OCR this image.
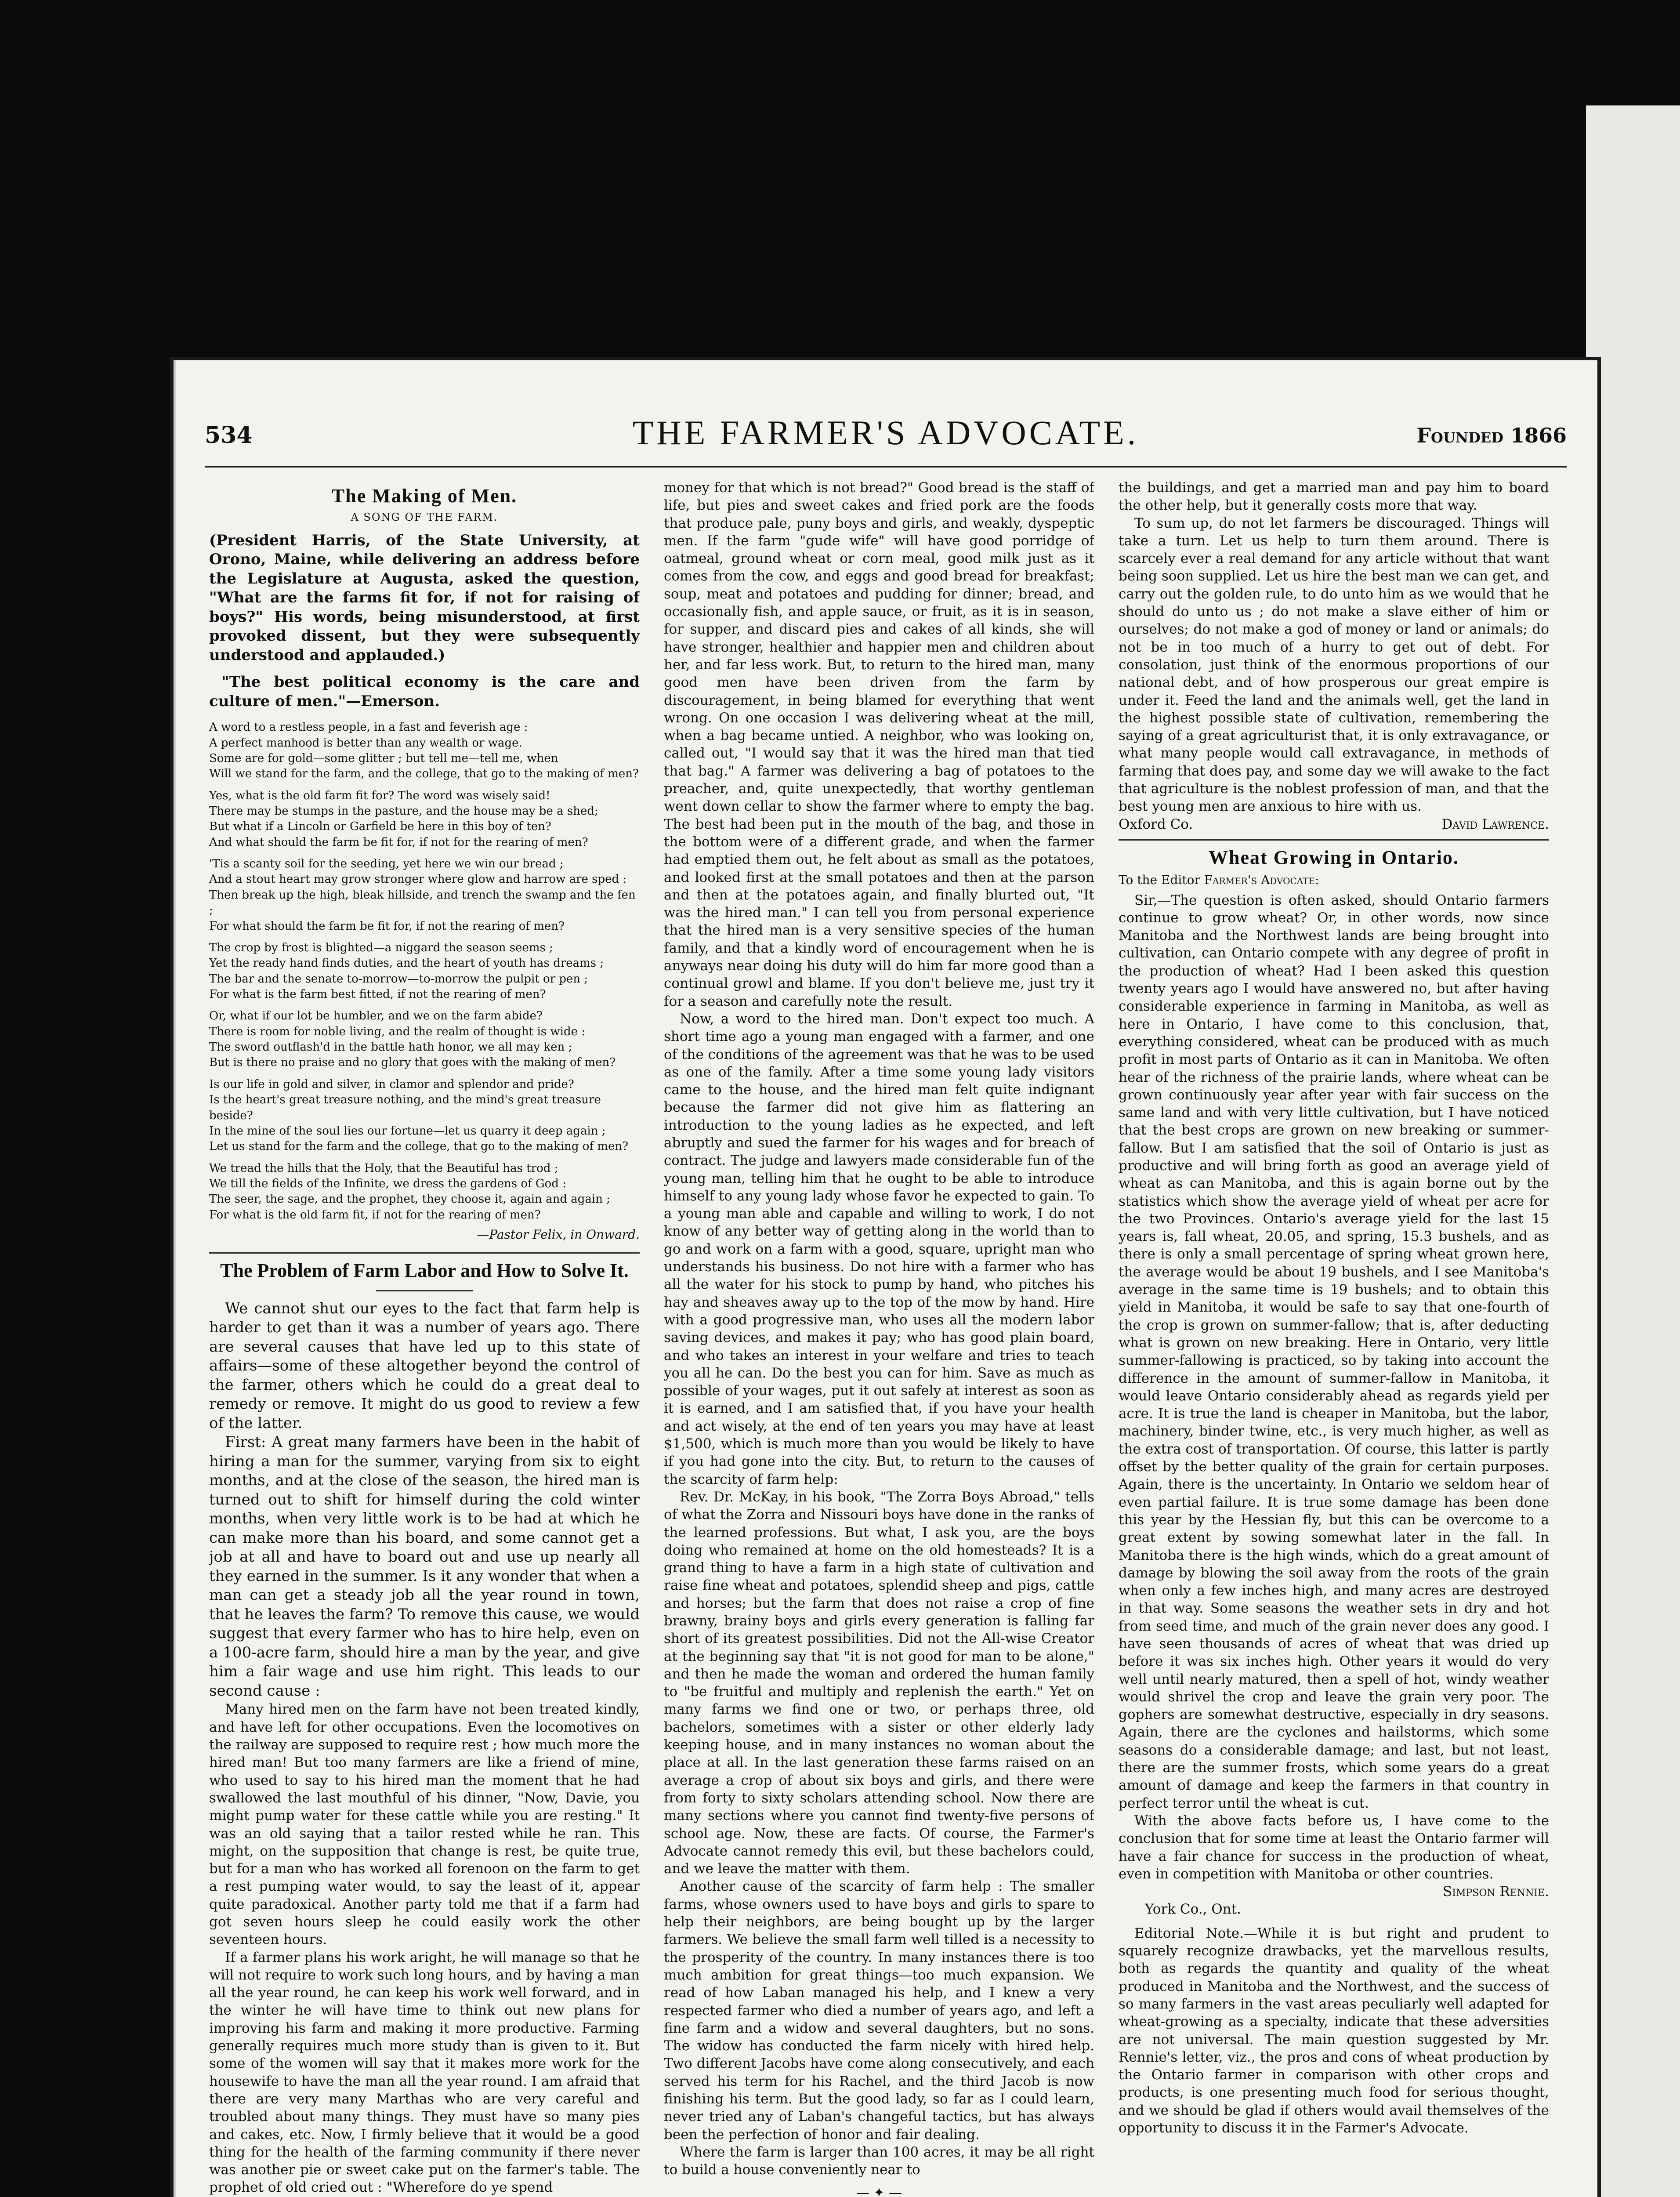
534	THE FARMER'S ADVOCATE.	Founded 1866
The Making of Men.
A SONG OF THE FARM.

(President Harris, of the State University, at Orono, Maine, while delivering an address before the Legislature at Augusta, asked the question, "What are the farms fit for, if not for raising of boys?" His words, being misunderstood, at first provoked dissent, but they were subsequently understood and applauded.)

"The best political economy is the care and culture of men."—Emerson.

A word to a restless people, in a fast and feverish age :

A perfect manhood is better than any wealth or wage.

Some are for gold—some glitter ; but tell me—tell me, when

Will we stand for the farm, and the college, that go to the making of men?

Yes, what is the old farm fit for? The word was wisely said!

There may be stumps in the pasture, and the house may be a shed;

But what if a Lincoln or Garfield be here in this boy of ten?

And what should the farm be fit for, if not for the rearing of men?

'Tis a scanty soil for the seeding, yet here we win our bread ;

And a stout heart may grow stronger where glow and harrow are sped :

Then break up the high, bleak hillside, and trench the swamp and the fen ;

For what should the farm be fit for, if not the rearing of men?

The crop by frost is blighted—a niggard the season seems ;

Yet the ready hand finds duties, and the heart of youth has dreams ;

The bar and the senate to-morrow—to-morrow the pulpit or pen ;

For what is the farm best fitted, if not the rearing of men?

Or, what if our lot be humbler, and we on the farm abide?

There is room for noble living, and the realm of thought is wide :

The sword outflash'd in the battle hath honor, we all may ken ;

But is there no praise and no glory that goes with the making of men?

Is our life in gold and silver, in clamor and splendor and pride?

Is the heart's great treasure nothing, and the mind's great treasure beside?

In the mine of the soul lies our fortune—let us quarry it deep again ;

Let us stand for the farm and the college, that go to the making of men?

We tread the hills that the Holy, that the Beautiful has trod ;

We till the fields of the Infinite, we dress the gardens of God :

The seer, the sage, and the prophet, they choose it, again and again ;

For what is the old farm fit, if not for the rearing of men?

—Pastor Felix, in Onward.
The Problem of Farm Labor and How to Solve It.

We cannot shut our eyes to the fact that farm help is harder to get than it was a number of years ago. There are several causes that have led up to this state of affairs—some of these altogether beyond the control of the farmer, others which he could do a great deal to remedy or remove. It might do us good to review a few of the latter.

First: A great many farmers have been in the habit of hiring a man for the summer, varying from six to eight months, and at the close of the season, the hired man is turned out to shift for himself during the cold winter months, when very little work is to be had at which he can make more than his board, and some cannot get a job at all and have to board out and use up nearly all they earned in the summer. Is it any wonder that when a man can get a steady job all the year round in town, that he leaves the farm? To remove this cause, we would suggest that every farmer who has to hire help, even on a 100-acre farm, should hire a man by the year, and give him a fair wage and use him right. This leads to our second cause :

Many hired men on the farm have not been treated kindly, and have left for other occupations. Even the locomotives on the railway are supposed to require rest ; how much more the hired man! But too many farmers are like a friend of mine, who used to say to his hired man the moment that he had swallowed the last mouthful of his dinner, "Now, Davie, you might pump water for these cattle while you are resting." It was an old saying that a tailor rested while he ran. This might, on the supposition that change is rest, be quite true, but for a man who has worked all forenoon on the farm to get a rest pumping water would, to say the least of it, appear quite paradoxical. Another party told me that if a farm had got seven hours sleep he could easily work the other seventeen hours.

If a farmer plans his work aright, he will manage so that he will not require to work such long hours, and by having a man all the year round, he can keep his work well forward, and in the winter he will have time to think out new plans for improving his farm and making it more productive. Farming generally requires much more study than is given to it. But some of the women will say that it makes more work for the housewife to have the man all the year round. I am afraid that there are very many Marthas who are very careful and troubled about many things. They must have so many pies and cakes, etc. Now, I firmly believe that it would be a good thing for the health of the farming community if there never was another pie or sweet cake put on the farmer's table. The prophet of old cried out : "Wherefore do ye spend

money for that which is not bread?" Good bread is the staff of life, but pies and sweet cakes and fried pork are the foods that produce pale, puny boys and girls, and weakly, dyspeptic men. If the farm "gude wife" will have good porridge of oatmeal, ground wheat or corn meal, good milk just as it comes from the cow, and eggs and good bread for breakfast; soup, meat and potatoes and pudding for dinner; bread, and occasionally fish, and apple sauce, or fruit, as it is in season, for supper, and discard pies and cakes of all kinds, she will have stronger, healthier and happier men and children about her, and far less work. But, to return to the hired man, many good men have been driven from the farm by discouragement, in being blamed for everything that went wrong. On one occasion I was delivering wheat at the mill, when a bag became untied. A neighbor, who was looking on, called out, "I would say that it was the hired man that tied that bag." A farmer was delivering a bag of potatoes to the preacher, and, quite unexpectedly, that worthy gentleman went down cellar to show the farmer where to empty the bag. The best had been put in the mouth of the bag, and those in the bottom were of a different grade, and when the farmer had emptied them out, he felt about as small as the potatoes, and looked first at the small potatoes and then at the parson and then at the potatoes again, and finally blurted out, "It was the hired man." I can tell you from personal experience that the hired man is a very sensitive species of the human family, and that a kindly word of encouragement when he is anyways near doing his duty will do him far more good than a continual growl and blame. If you don't believe me, just try it for a season and carefully note the result.

Now, a word to the hired man. Don't expect too much. A short time ago a young man engaged with a farmer, and one of the conditions of the agreement was that he was to be used as one of the family. After a time some young lady visitors came to the house, and the hired man felt quite indignant because the farmer did not give him as flattering an introduction to the young ladies as he expected, and left abruptly and sued the farmer for his wages and for breach of contract. The judge and lawyers made considerable fun of the young man, telling him that he ought to be able to introduce himself to any young lady whose favor he expected to gain. To a young man able and capable and willing to work, I do not know of any better way of getting along in the world than to go and work on a farm with a good, square, upright man who understands his business. Do not hire with a farmer who has all the water for his stock to pump by hand, who pitches his hay and sheaves away up to the top of the mow by hand. Hire with a good progressive man, who uses all the modern labor saving devices, and makes it pay; who has good plain board, and who takes an interest in your welfare and tries to teach you all he can. Do the best you can for him. Save as much as possible of your wages, put it out safely at interest as soon as it is earned, and I am satisfied that, if you have your health and act wisely, at the end of ten years you may have at least $1,500, which is much more than you would be likely to have if you had gone into the city. But, to return to the causes of the scarcity of farm help:

Rev. Dr. McKay, in his book, "The Zorra Boys Abroad," tells of what the Zorra and Nissouri boys have done in the ranks of the learned professions. But what, I ask you, are the boys doing who remained at home on the old homesteads? It is a grand thing to have a farm in a high state of cultivation and raise fine wheat and potatoes, splendid sheep and pigs, cattle and horses; but the farm that does not raise a crop of fine brawny, brainy boys and girls every generation is falling far short of its greatest possibilities. Did not the All-wise Creator at the beginning say that "it is not good for man to be alone," and then he made the woman and ordered the human family to "be fruitful and multiply and replenish the earth." Yet on many farms we find one or two, or perhaps three, old bachelors, sometimes with a sister or other elderly lady keeping house, and in many instances no woman about the place at all. In the last generation these farms raised on an average a crop of about six boys and girls, and there were from forty to sixty scholars attending school. Now there are many sections where you cannot find twenty-five persons of school age. Now, these are facts. Of course, the Farmer's Advocate cannot remedy this evil, but these bachelors could, and we leave the matter with them.

Another cause of the scarcity of farm help : The smaller farms, whose owners used to have boys and girls to spare to help their neighbors, are being bought up by the larger farmers. We believe the small farm well tilled is a necessity to the prosperity of the country. In many instances there is too much ambition for great things—too much expansion. We read of how Laban managed his help, and I knew a very respected farmer who died a number of years ago, and left a fine farm and a widow and several daughters, but no sons. The widow has conducted the farm nicely with hired help. Two different Jacobs have come along consecutively, and each served his term for his Rachel, and the third Jacob is now finishing his term. But the good lady, so far as I could learn, never tried any of Laban's changeful tactics, but has always been the perfection of honor and fair dealing.

Where the farm is larger than 100 acres, it may be all right to build a house conveniently near to

— ✦ —

the buildings, and get a married man and pay him to board the other help, but it generally costs more that way.

To sum up, do not let farmers be discouraged. Things will take a turn. Let us help to turn them around. There is scarcely ever a real demand for any article without that want being soon supplied. Let us hire the best man we can get, and carry out the golden rule, to do unto him as we would that he should do unto us ; do not make a slave either of him or ourselves; do not make a god of money or land or animals; do not be in too much of a hurry to get out of debt. For consolation, just think of the enormous proportions of our national debt, and of how prosperous our great empire is under it. Feed the land and the animals well, get the land in the highest possible state of cultivation, remembering the saying of a great agriculturist that, it is only extravagance, or what many people would call extravagance, in methods of farming that does pay, and some day we will awake to the fact that agriculture is the noblest profession of man, and that the best young men are anxious to hire with us.

Oxford Co.	David Lawrence.
Wheat Growing in Ontario.
To the Editor Farmer's Advocate:

Sir,—The question is often asked, should Ontario farmers continue to grow wheat? Or, in other words, now since Manitoba and the Northwest lands are being brought into cultivation, can Ontario compete with any degree of profit in the production of wheat? Had I been asked this question twenty years ago I would have answered no, but after having considerable experience in farming in Manitoba, as well as here in Ontario, I have come to this conclusion, that, everything considered, wheat can be produced with as much profit in most parts of Ontario as it can in Manitoba. We often hear of the richness of the prairie lands, where wheat can be grown continuously year after year with fair success on the same land and with very little cultivation, but I have noticed that the best crops are grown on new breaking or summer-fallow. But I am satisfied that the soil of Ontario is just as productive and will bring forth as good an average yield of wheat as can Manitoba, and this is again borne out by the statistics which show the average yield of wheat per acre for the two Provinces. Ontario's average yield for the last 15 years is, fall wheat, 20.05, and spring, 15.3 bushels, and as there is only a small percentage of spring wheat grown here, the average would be about 19 bushels, and I see Manitoba's average in the same time is 19 bushels; and to obtain this yield in Manitoba, it would be safe to say that one-fourth of the crop is grown on summer-fallow; that is, after deducting what is grown on new breaking. Here in Ontario, very little summer-fallowing is practiced, so by taking into account the difference in the amount of summer-fallow in Manitoba, it would leave Ontario considerably ahead as regards yield per acre. It is true the land is cheaper in Manitoba, but the labor, machinery, binder twine, etc., is very much higher, as well as the extra cost of transportation. Of course, this latter is partly offset by the better quality of the grain for certain purposes. Again, there is the uncertainty. In Ontario we seldom hear of even partial failure. It is true some damage has been done this year by the Hessian fly, but this can be overcome to a great extent by sowing somewhat later in the fall. In Manitoba there is the high winds, which do a great amount of damage by blowing the soil away from the roots of the grain when only a few inches high, and many acres are destroyed in that way. Some seasons the weather sets in dry and hot from seed time, and much of the grain never does any good. I have seen thousands of acres of wheat that was dried up before it was six inches high. Other years it would do very well until nearly matured, then a spell of hot, windy weather would shrivel the crop and leave the grain very poor. The gophers are somewhat destructive, especially in dry seasons. Again, there are the cyclones and hailstorms, which some seasons do a considerable damage; and last, but not least, there are the summer frosts, which some years do a great amount of damage and keep the farmers in that country in perfect terror until the wheat is cut.

With the above facts before us, I have come to the conclusion that for some time at least the Ontario farmer will have a fair chance for success in the production of wheat, even in competition with Manitoba or other countries.

Simpson Rennie.
York Co., Ont.

Editorial Note.—While it is but right and prudent to squarely recognize drawbacks, yet the marvellous results, both as regards the quantity and quality of the wheat produced in Manitoba and the Northwest, and the success of so many farmers in the vast areas peculiarly well adapted for wheat-growing as a specialty, indicate that these adversities are not universal. The main question suggested by Mr. Rennie's letter, viz., the pros and cons of wheat production by the Ontario farmer in comparison with other crops and products, is one presenting much food for serious thought, and we should be glad if others would avail themselves of the opportunity to discuss it in the Farmer's Advocate.
